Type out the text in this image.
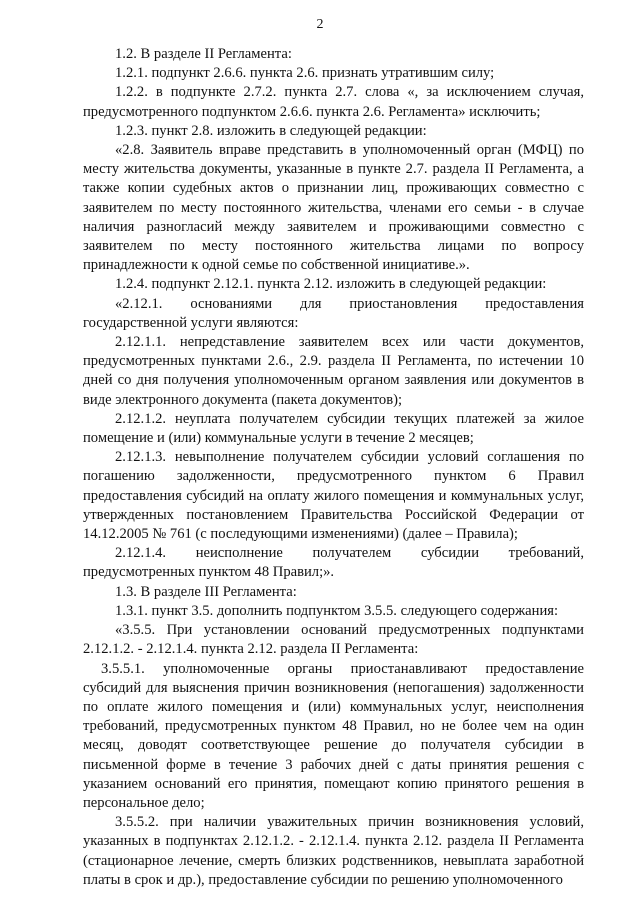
2

1.2. В разделе II Регламента:

1.2.1. подпункт 2.6.6. пункта 2.6. признать утратившим силу;

1.2.2. в подпункте 2.7.2. пункта 2.7. слова «, за исключением случая, предусмотренного подпунктом 2.6.6. пункта 2.6. Регламента» исключить;

1.2.3. пункт 2.8. изложить в следующей редакции:

«2.8. Заявитель вправе представить в уполномоченный орган (МФЦ) по месту жительства документы, указанные в пункте 2.7. раздела II Регламента, а также копии судебных актов о признании лиц, проживающих совместно с заявителем по месту постоянного жительства, членами его семьи - в случае наличия разногласий между заявителем и проживающими совместно с заявителем по месту постоянного жительства лицами по вопросу принадлежности к одной семье по собственной инициативе.».

1.2.4. подпункт 2.12.1. пункта 2.12. изложить в следующей редакции:

«2.12.1. основаниями для приостановления предоставления государственной услуги являются:

2.12.1.1. непредставление заявителем всех или части документов, предусмотренных пунктами 2.6., 2.9. раздела II Регламента, по истечении 10 дней со дня получения уполномоченным органом заявления или документов в виде электронного документа (пакета документов);

2.12.1.2. неуплата получателем субсидии текущих платежей за жилое помещение и (или) коммунальные услуги в течение 2 месяцев;

2.12.1.3. невыполнение получателем субсидии условий соглашения по погашению задолженности, предусмотренного пунктом 6 Правил предоставления субсидий на оплату жилого помещения и коммунальных услуг, утвержденных постановлением Правительства Российской Федерации от 14.12.2005 № 761 (с последующими изменениями) (далее – Правила);

2.12.1.4. неисполнение получателем субсидии требований, предусмотренных пунктом 48 Правил;».

1.3. В разделе III Регламента:

1.3.1. пункт 3.5. дополнить подпунктом 3.5.5. следующего содержания:

«3.5.5. При установлении оснований предусмотренных подпунктами 2.12.1.2. - 2.12.1.4. пункта 2.12. раздела II Регламента:

3.5.5.1. уполномоченные органы приостанавливают предоставление субсидий для выяснения причин возникновения (непогашения) задолженности по оплате жилого помещения и (или) коммунальных услуг, неисполнения требований, предусмотренных пунктом 48 Правил, но не более чем на один месяц, доводят соответствующее решение до получателя субсидии в письменной форме в течение 3 рабочих дней с даты принятия решения с указанием оснований его принятия, помещают копию принятого решения в персональное дело;

3.5.5.2. при наличии уважительных причин возникновения условий, указанных в подпунктах 2.12.1.2. - 2.12.1.4. пункта 2.12. раздела II Регламента (стационарное лечение, смерть близких родственников, невыплата заработной платы в срок и др.), предоставление субсидии по решению уполномоченного
